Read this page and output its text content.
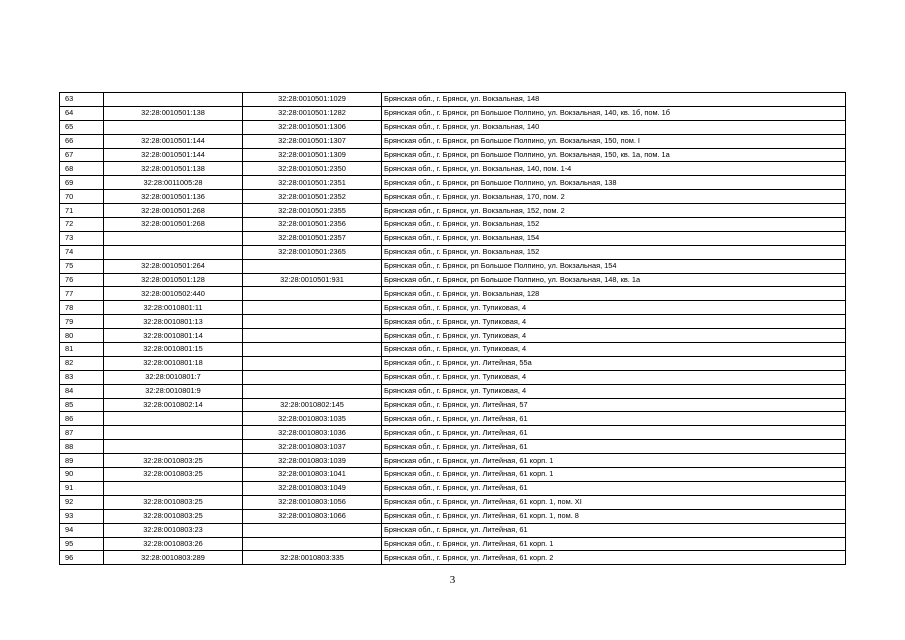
63		32:28:0010501:1029	Брянская обл., г. Брянск, ул. Вокзальная, 148
64	32:28:0010501:138	32:28:0010501:1282	Брянская обл., г. Брянск, рп Большое Полпино, ул. Вокзальная, 140, кв. 1б, пом. 1б
65		32:28:0010501:1306	Брянская обл., г. Брянск, ул. Вокзальная, 140
66	32:28:0010501:144	32:28:0010501:1307	Брянская обл., г. Брянск, рп Большое Полпино, ул. Вокзальная, 150, пом. I
67	32:28:0010501:144	32:28:0010501:1309	Брянская обл., г. Брянск, рп Большое Полпино, ул. Вокзальная, 150, кв. 1а, пом. 1а
68	32:28:0010501:138	32:28:0010501:2350	Брянская обл., г. Брянск, ул. Вокзальная, 140, пом. 1-4
69	32:28:0011005:28	32:28:0010501:2351	Брянская обл., г. Брянск, рп Большое Полпино, ул. Вокзальная, 138
70	32:28:0010501:136	32:28:0010501:2352	Брянская обл., г. Брянск, ул. Вокзальная, 170, пом. 2
71	32:28:0010501:268	32:28:0010501:2355	Брянская обл., г. Брянск, ул. Вокзальная, 152, пом. 2
72	32:28:0010501:268	32:28:0010501:2356	Брянская обл., г. Брянск, ул. Вокзальная, 152
73		32:28:0010501:2357	Брянская обл., г. Брянск, ул. Вокзальная, 154
74		32:28:0010501:2365	Брянская обл., г. Брянск, ул. Вокзальная, 152
75	32:28:0010501:264		Брянская обл., г. Брянск, рп Большое Полпино, ул. Вокзальная, 154
76	32:28:0010501:128	32:28:0010501:931	Брянская обл., г. Брянск, рп Большое Полпино, ул. Вокзальная, 148, кв. 1а
77	32:28:0010502:440		Брянская обл., г. Брянск, ул. Вокзальная, 128
78	32:28:0010801:11		Брянская обл., г. Брянск, ул. Тупиковая, 4
79	32:28:0010801:13		Брянская обл., г. Брянск, ул. Тупиковая, 4
80	32:28:0010801:14		Брянская обл., г. Брянск, ул. Тупиковая, 4
81	32:28:0010801:15		Брянская обл., г. Брянск, ул. Тупиковая, 4
82	32:28:0010801:18		Брянская обл., г. Брянск, ул. Литейная, 55а
83	32:28:0010801:7		Брянская обл., г. Брянск, ул. Тупиковая, 4
84	32:28:0010801:9		Брянская обл., г. Брянск, ул. Тупиковая, 4
85	32:28:0010802:14	32:28:0010802:145	Брянская обл., г. Брянск, ул. Литейная, 57
86		32:28:0010803:1035	Брянская обл., г. Брянск, ул. Литейная, 61
87		32:28:0010803:1036	Брянская обл., г. Брянск, ул. Литейная, 61
88		32:28:0010803:1037	Брянская обл., г. Брянск, ул. Литейная, 61
89	32:28:0010803:25	32:28:0010803:1039	Брянская обл., г. Брянск, ул. Литейная, 61 корп. 1
90	32:28:0010803:25	32:28:0010803:1041	Брянская обл., г. Брянск, ул. Литейная, 61 корп. 1
91		32:28:0010803:1049	Брянская обл., г. Брянск, ул. Литейная, 61
92	32:28:0010803:25	32:28:0010803:1056	Брянская обл., г. Брянск, ул. Литейная, 61 корп. 1, пом. XI
93	32:28:0010803:25	32:28:0010803:1066	Брянская обл., г. Брянск, ул. Литейная, 61 корп. 1, пом. 8
94	32:28:0010803:23		Брянская обл., г. Брянск, ул. Литейная, 61
95	32:28:0010803:26		Брянская обл., г. Брянск, ул. Литейная, 61 корп. 1
96	32:28:0010803:289	32:28:0010803:335	Брянская обл., г. Брянск, ул. Литейная, 61 корп. 2
3
